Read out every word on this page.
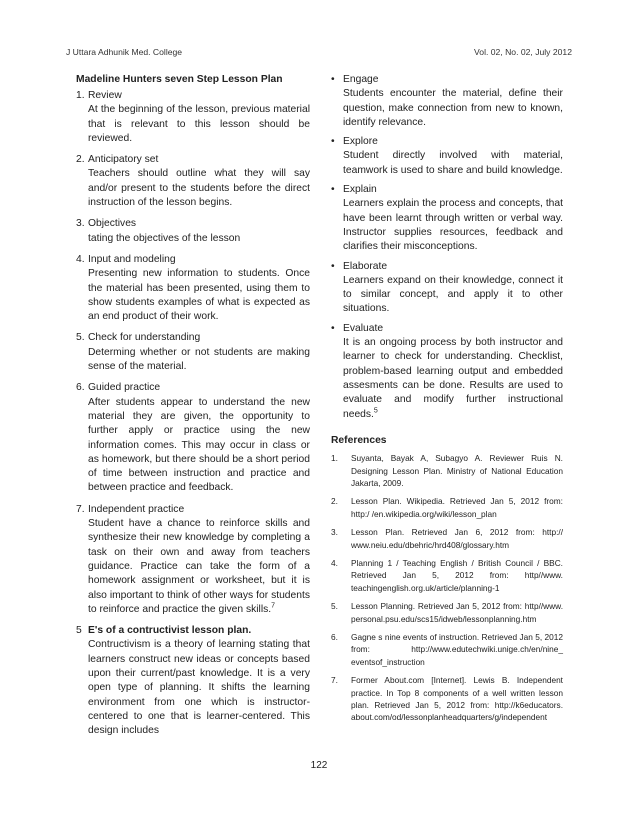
J Uttara Adhunik Med. College	Vol. 02, No. 02, July 2012
Madeline Hunters seven Step Lesson Plan
1. Review
At the beginning of the lesson, previous material that is relevant to this lesson should be reviewed.
2. Anticipatory set
Teachers should outline what they will say and/or present to the students before the direct instruction of the lesson begins.
3. Objectives
tating the objectives of the lesson
4. Input and modeling
Presenting new information to students. Once the material has been presented, using them to show students examples of what is expected as an end product of their work.
5. Check for understanding
Determing whether or not students are making sense of the material.
6. Guided practice
After students appear to understand the new material they are given, the opportunity to further apply or practice using the new information comes. This may occur in class or as homework, but there should be a short period of time between instruction and practice and between practice and feedback.
7. Independent practice
Student have a chance to reinforce skills and synthesize their new knowledge by completing a task on their own and away from teachers guidance. Practice can take the form of a homework assignment or worksheet, but it is also important to think of other ways for students to reinforce and practice the given skills.$^7$
5 E's of a contructivist lesson plan.
Contructivism is a theory of learning stating that learners construct new ideas or concepts based upon their current/past knowledge. It is a very open type of planning. It shifts the learning environment from one which is instructor-centered to one that is learner-centered. This design includes
• Engage
Students encounter the material, define their question, make connection from new to known, identify relevance.
• Explore
Student directly involved with material, teamwork is used to share and build knowledge.
• Explain
Learners explain the process and concepts, that have been learnt through written or verbal way. Instructor supplies resources, feedback and clarifies their misconceptions.
• Elaborate
Learners expand on their knowledge, connect it to similar concept, and apply it to other situations.
• Evaluate
It is an ongoing process by both instructor and learner to check for understanding. Checklist, problem-based learning output and embedded assesments can be done. Results are used to evaluate and modify further instructional needs.$^5$
References
1. Suyanta, Bayak A, Subagyo A. Reviewer Ruis N. Designing Lesson Plan. Ministry of National Education Jakarta, 2009.
2. Lesson Plan. Wikipedia. Retrieved Jan 5, 2012 from: http:/ /en.wikipedia.org/wiki/lesson_plan
3. Lesson Plan. Retrieved Jan 6, 2012 from: http:// www.neiu.edu/dbehric/hrd408/glossary.htm
4. Planning 1 / Teaching English / British Council / BBC. Retrieved Jan 5, 2012 from: http//www. teachingenglish.org.uk/article/planning-1
5. Lesson Planning. Retrieved Jan 5, 2012 from: http//www. personal.psu.edu/scs15/idweb/lessonplanning.htm
6. Gagne s nine events of instruction. Retrieved Jan 5, 2012 from: http://www.edutechwiki.unige.ch/en/nine_ eventsof_instruction
7. Former About.com [Internet]. Lewis B. Independent practice. In Top 8 components of a well written lesson plan. Retrieved Jan 5, 2012 from: http://k6educators. about.com/od/lessonplanheadquarters/g/independent
122
